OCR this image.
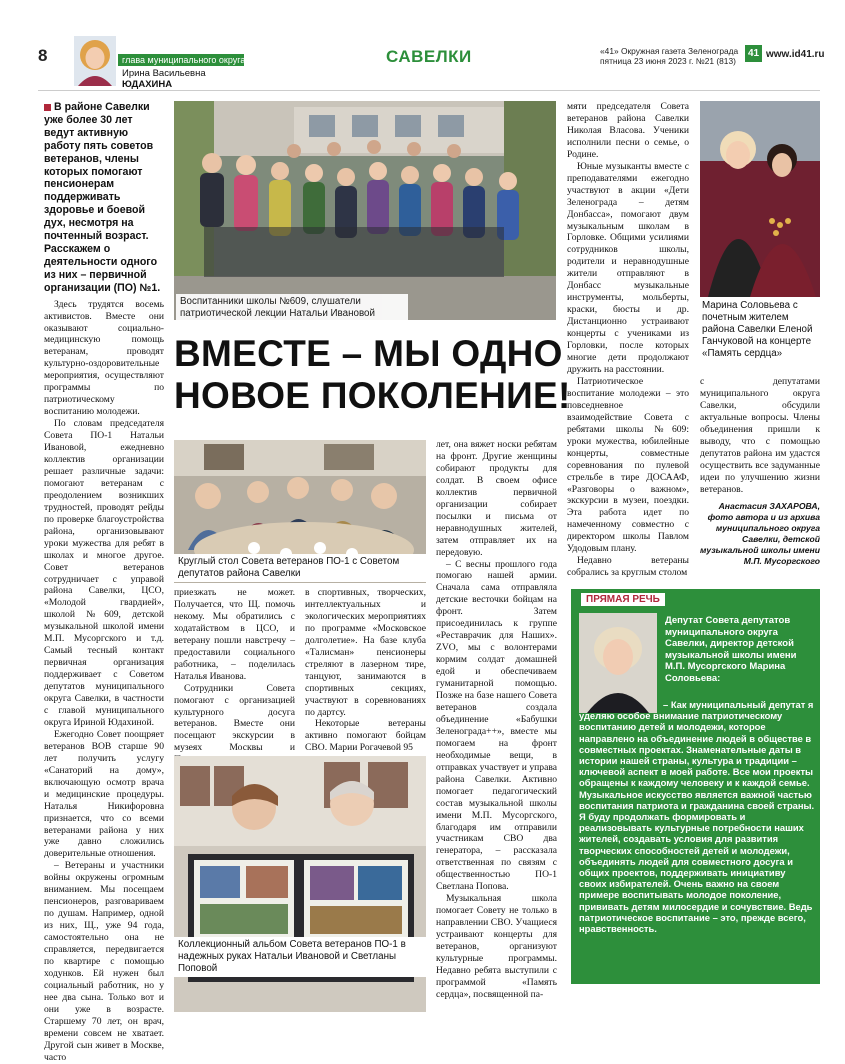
8	глава муниципального округа
Ирина Васильевна
ЮДАХИНА
САВЕЛКИ	«41» Окружная газета Зеленограда
пятница 23 июня 2023 г. №21 (813)
41 www.id41.ru
В районе Савелки уже более 30 лет ведут активную работу пять советов ветеранов, члены которых помогают пенсионерам поддерживать здоровье и боевой дух, несмотря на почтенный возраст. Расскажем о деятельности одного из них – первичной организации (ПО) №1.

Здесь трудятся восемь активистов. Вместе они оказывают социально-медицинскую помощь ветеранам, проводят культурно-оздоровительные мероприятия, осуществляют программы по патриотическому воспитанию молодежи.

По словам председателя Совета ПО-1 Натальи Ивановой, ежедневно коллектив организации решает различные задачи: помогают ветеранам с преодолением возникших трудностей, проводят рейды по проверке благоустройства района, организовывают уроки мужества для ребят в школах и многое другое. Совет ветеранов сотрудничает с управой района Савелки, ЦСО, «Молодой гвардией», школой №609, детской музыкальной школой имени М.П. Мусоргского и т.д. Самый тесный контакт первичная организация поддерживает с Советом депутатов муниципального округа Савелки, в частности с главой муниципального округа Ириной Юдахиной.

Ежегодно Совет поощряет ветеранов ВОВ старше 90 лет получить услугу «Санаторий на дому», включающую осмотр врача и медицинские процедуры. Наталья Никифоровна признается, что со всеми ветеранами района у них уже давно сложились доверительные отношения.

– Ветераны и участники войны окружены огромным вниманием. Мы посещаем пенсионеров, разговариваем по душам. Например, одной из них, Щ., уже 94 года, самостоятельно она не справляется, передвигается по квартире с помощью ходунков. Ей нужен был социальный работник, но у нее два сына. Только вот и они уже в возрасте. Старшему 70 лет, он врач, времени совсем не хватает. Другой сын живет в Москве, часто

Воспитанники школы №609, слушатели патриотической лекции Натальи Ивановой
ВМЕСТЕ – МЫ ОДНО
НОВОЕ ПОКОЛЕНИЕ!
Круглый стол Совета ветеранов ПО-1 с Советом депутатов района Савелки

приезжать не может. Получается, что Щ. помочь некому. Мы обратились с ходатайством в ЦСО, и ветерану пошли навстречу – предоставили социального работника, – поделилась Наталья Иванова.

Сотрудники Совета помогают с организацией культурного досуга ветеранов. Вместе они посещают экскурсии в музеях Москвы и

в спортивных, творческих, интеллектуальных и экологических мероприятиях по программе «Московское долголетие». На базе клуба «Талисман» пенсионеры стреляют в лазерном тире, танцуют, занимаются в спортивных секциях, участвуют в соревнованиях по дартсу.

Некоторые ветераны активно помогают бойцам СВО. Марии Рогачевой 95

Коллекционный альбом Совета ветеранов ПО-1 в надежных руках Натальи Ивановой и Светланы Поповой

лет, она вяжет носки ребятам на фронт. Другие женщины собирают продукты для солдат. В своем офисе коллектив первичной организации собирает посылки и письма от неравнодушных жителей, затем отправляет их на передовую.

– С весны прошлого года помогаю нашей армии. Сначала сама отправляла детские весточки бойцам на фронт. Затем присоединилась к группе «Реставрачик для Наших». ZVO, мы с волонтерами кормим солдат домашней едой и обеспечиваем гуманитарной помощью. Позже на базе нашего Совета ветеранов создала объединение «Бабушки Зеленограда++», вместе мы помогаем на фронт необходимые вещи, в отправках участвует и управа района Савелки. Активно помогает педагогический состав музыкальной школы имени М.П. Мусоргского, благодаря им отправили участникам СВО два генератора, – рассказала ответственная по связям с общественностью ПО-1 Светлана Попова.

Музыкальная школа помогает Совету не только в направлении СВО. Учащиеся устраивают концерты для ветеранов, организуют культурные программы. Недавно ребята выступили с программой «Память сердца», посвященной па-

мяти председателя Совета ветеранов района Савелки Николая Власова. Ученики исполнили песни о семье, о Родине.

Юные музыканты вместе с преподавателями ежегодно участвуют в акции «Дети Зеленограда – детям Донбасса», помогают двум музыкальным школам в Горловке. Общими усилиями сотрудников школы, родители и неравнодушные жители отправляют в Донбасс музыкальные инструменты, мольберты, краски, бюсты и др. Дистанционно устраивают концерты с учениками из Горловки, после которых многие дети продолжают дружить на расстоянии.

Патриотическое воспитание молодежи – это повседневное взаимодействие Совета с ребятами школы №609: уроки мужества, юбилейные концерты, совместные соревнования по пулевой стрельбе в тире ДОСААФ, «Разговоры о важном», экскурсии в музеи, поездки. Эта работа идет по намеченному совместно с директором школы Павлом Удодовым плану.

Недавно ветераны собрались за круглым столом

Марина Соловьева с почетным жителем района Савелки Еленой Ганчуковой на концерте «Память сердца»

с депутатами муниципального округа Савелки, обсудили актуальные вопросы. Члены объединения пришли к выводу, что с помощью депутатов района им удастся осуществить все задуманные идеи по улучшению жизни ветеранов.

Анастасия ЗАХАРОВА, фото автора и из архива муниципального округа Савелки, детской музыкальной школы имени М.П. Мусоргского
ПРЯМАЯ РЕЧЬ
Депутат Совета депутатов муниципального округа Савелки, директор детской музыкальной школы имени М.П. Мусоргского Марина Соловьева:
– Как муниципальный депутат я уделяю особое внимание патриотическому воспитанию детей и молодежи, которое направлено на объединение людей в обществе в совместных проектах. Знаменательные даты в истории нашей страны, культура и традиции – ключевой аспект в моей работе. Все мои проекты обращены к каждому человеку и к каждой семье. Музыкальное искусство является важной частью воспитания патриота и гражданина своей страны. Я буду продолжать формировать и реализовывать культурные потребности наших жителей, создавать условия для развития творческих способностей детей и молодежи, объединять людей для совместного досуга и общих проектов, поддерживать инициативу своих избирателей. Очень важно на своем примере воспитывать молодое поколение, прививать детям милосердие и сочувствие. Ведь патриотическое воспитание – это, прежде всего, нравственность.
